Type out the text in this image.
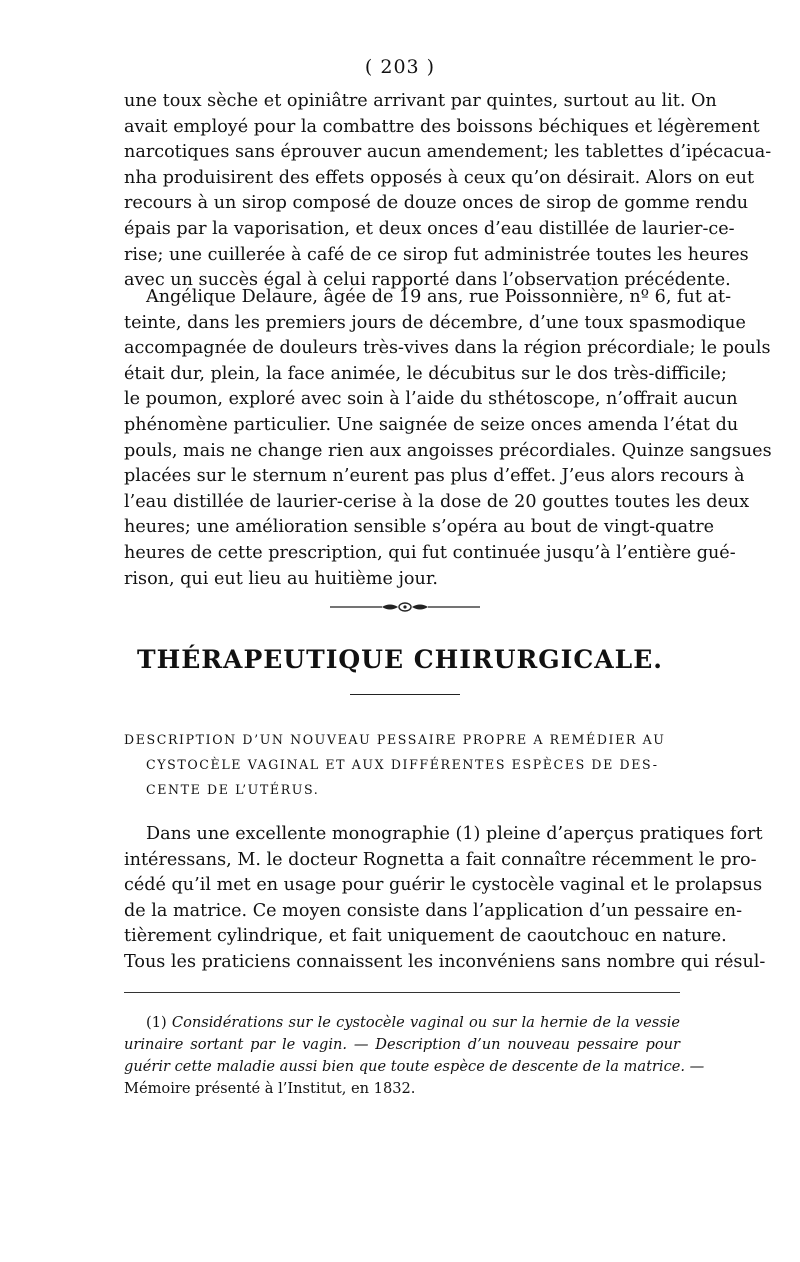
( 203 )

une toux sèche et opiniâtre arrivant par quintes, surtout au lit. On
avait employé pour la combattre des boissons béchiques et légèrement
narcotiques sans éprouver aucun amendement; les tablettes d’ipécacua-
nha produisirent des effets opposés à ceux qu’on désirait. Alors on eut
recours à un sirop composé de douze onces de sirop de gomme rendu
épais par la vaporisation, et deux onces d’eau distillée de laurier-ce-
rise; une cuillerée à café de ce sirop fut administrée toutes les heures
avec un succès égal à celui rapporté dans l’observation précédente.

Angélique Delaure, âgée de 19 ans, rue Poissonnière, nº 6, fut at-
teinte, dans les premiers jours de décembre, d’une toux spasmodique
accompagnée de douleurs très-vives dans la région précordiale; le pouls
était dur, plein, la face animée, le décubitus sur le dos très-difficile;
le poumon, exploré avec soin à l’aide du sthétoscope, n’offrait aucun
phénomène particulier. Une saignée de seize onces amenda l’état du
pouls, mais ne change rien aux angoisses précordiales. Quinze sangsues
placées sur le sternum n’eurent pas plus d’effet. J’eus alors recours à
l’eau distillée de laurier-cerise à la dose de 20 gouttes toutes les deux
heures; une amélioration sensible s’opéra au bout de vingt-quatre
heures de cette prescription, qui fut continuée jusqu’à l’entière gué-
rison, qui eut lieu au huitième jour.

THÉRAPEUTIQUE CHIRURGICALE.

DESCRIPTION D’UN NOUVEAU PESSAIRE PROPRE A REMÉDIER AU
CYSTOCÈLE VAGINAL ET AUX DIFFÉRENTES ESPÈCES DE DES-
CENTE DE L’UTÉRUS.

Dans une excellente monographie (1) pleine d’aperçus pratiques fort
intéressans, M. le docteur Rognetta a fait connaître récemment le pro-
cédé qu’il met en usage pour guérir le cystocèle vaginal et le prolapsus
de la matrice. Ce moyen consiste dans l’application d’un pessaire en-
tièrement cylindrique, et fait uniquement de caoutchouc en nature.
Tous les praticiens connaissent les inconvéniens sans nombre qui résul-

(1) Considérations sur le cystocèle vaginal ou sur la hernie de la vessie
urinaire sortant par le vagin. — Description d’un nouveau pessaire pour
guérir cette maladie aussi bien que toute espèce de descente de la matrice. —
Mémoire présenté à l’Institut, en 1832.
